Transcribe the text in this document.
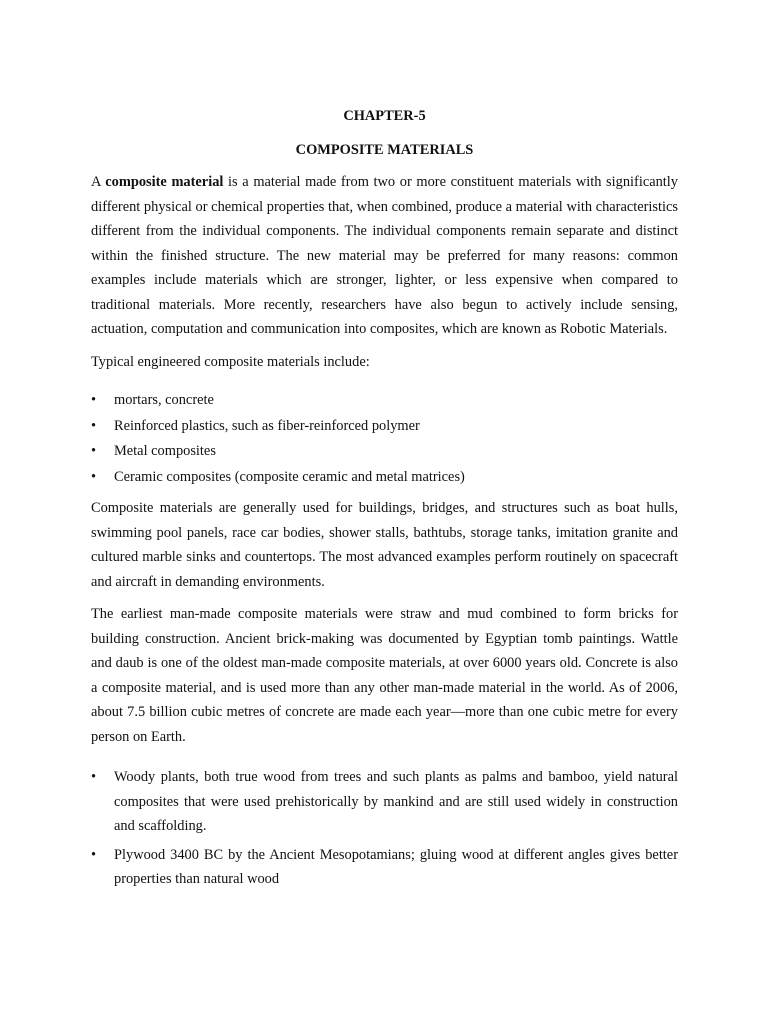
CHAPTER-5
COMPOSITE MATERIALS

A composite material is a material made from two or more constituent materials with significantly different physical or chemical properties that, when combined, produce a material with characteristics different from the individual components. The individual components remain separate and distinct within the finished structure. The new material may be preferred for many reasons: common examples include materials which are stronger, lighter, or less expensive when compared to traditional materials. More recently, researchers have also begun to actively include sensing, actuation, computation and communication into composites, which are known as Robotic Materials.

Typical engineered composite materials include:

• mortars, concrete
• Reinforced plastics, such as fiber-reinforced polymer
• Metal composites
• Ceramic composites (composite ceramic and metal matrices)

Composite materials are generally used for buildings, bridges, and structures such as boat hulls, swimming pool panels, race car bodies, shower stalls, bathtubs, storage tanks, imitation granite and cultured marble sinks and countertops. The most advanced examples perform routinely on spacecraft and aircraft in demanding environments.

The earliest man-made composite materials were straw and mud combined to form bricks for building construction. Ancient brick-making was documented by Egyptian tomb paintings. Wattle and daub is one of the oldest man-made composite materials, at over 6000 years old. Concrete is also a composite material, and is used more than any other man-made material in the world. As of 2006, about 7.5 billion cubic metres of concrete are made each year—more than one cubic metre for every person on Earth.

• Woody plants, both true wood from trees and such plants as palms and bamboo, yield natural composites that were used prehistorically by mankind and are still used widely in construction and scaffolding.
• Plywood 3400 BC by the Ancient Mesopotamians; gluing wood at different angles gives better properties than natural wood
